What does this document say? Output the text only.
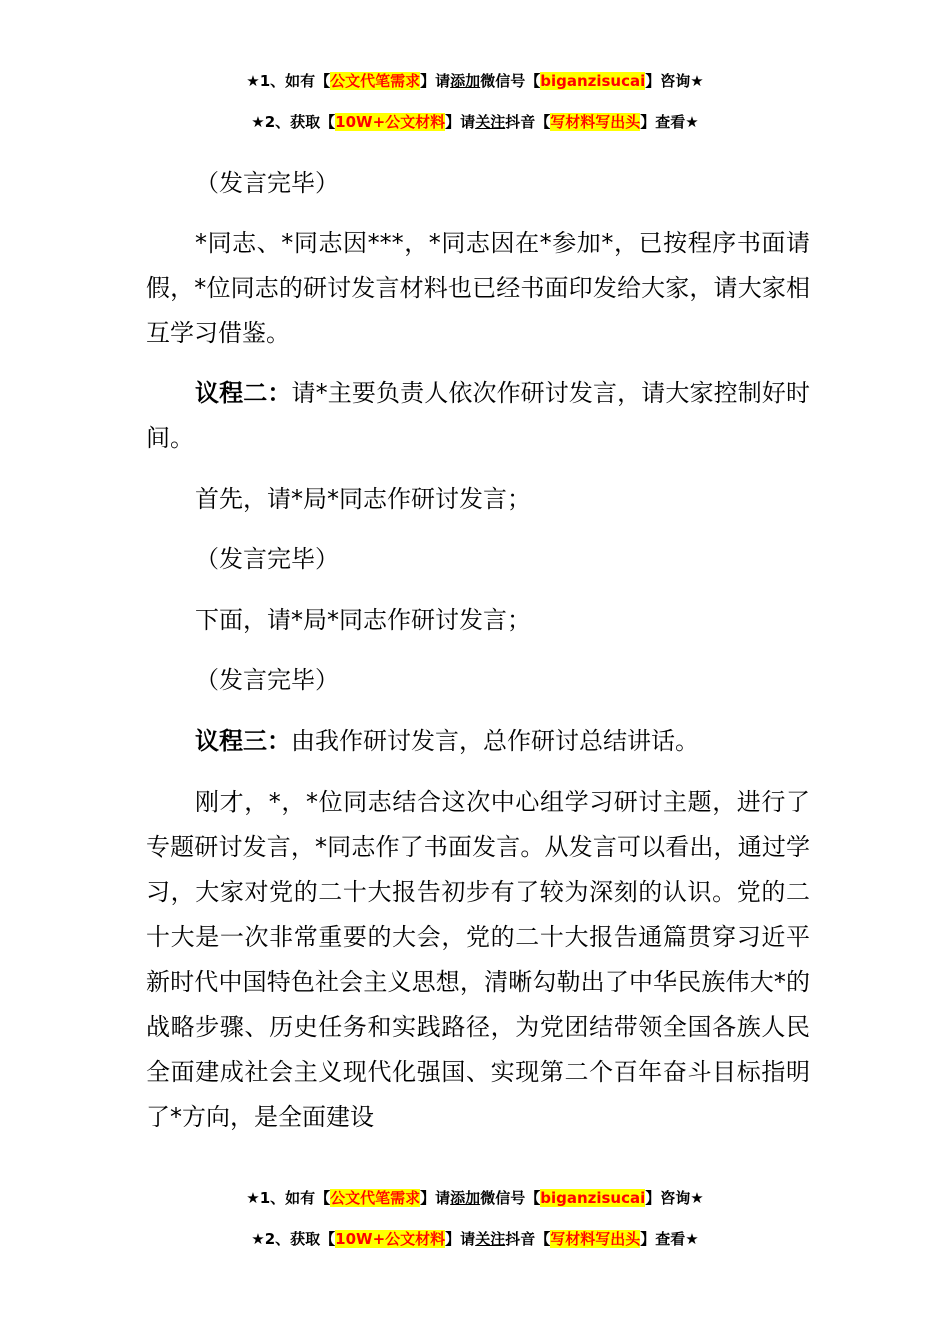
★1、如有【公文代笔需求】请添加微信号【biganzisucai】咨询★
★2、获取【10W+公文材料】请关注抖音【写材料写出头】查看★

（发言完毕）

*同志、*同志因***，*同志因在*参加*，已按程序书面请假，*位同志的研讨发言材料也已经书面印发给大家，请大家相互学习借鉴。

议程二：请*主要负责人依次作研讨发言，请大家控制好时间。

首先，请*局*同志作研讨发言；

（发言完毕）

下面，请*局*同志作研讨发言；

（发言完毕）

议程三：由我作研讨发言，总作研讨总结讲话。

刚才，*，*位同志结合这次中心组学习研讨主题，进行了专题研讨发言，*同志作了书面发言。从发言可以看出，通过学习，大家对党的二十大报告初步有了较为深刻的认识。党的二十大是一次非常重要的大会，党的二十大报告通篇贯穿习近平新时代中国特色社会主义思想，清晰勾勒出了中华民族伟大*的战略步骤、历史任务和实践路径，为党团结带领全国各族人民全面建成社会主义现代化强国、实现第二个百年奋斗目标指明了*方向，是全面建设

★1、如有【公文代笔需求】请添加微信号【biganzisucai】咨询★
★2、获取【10W+公文材料】请关注抖音【写材料写出头】查看★
